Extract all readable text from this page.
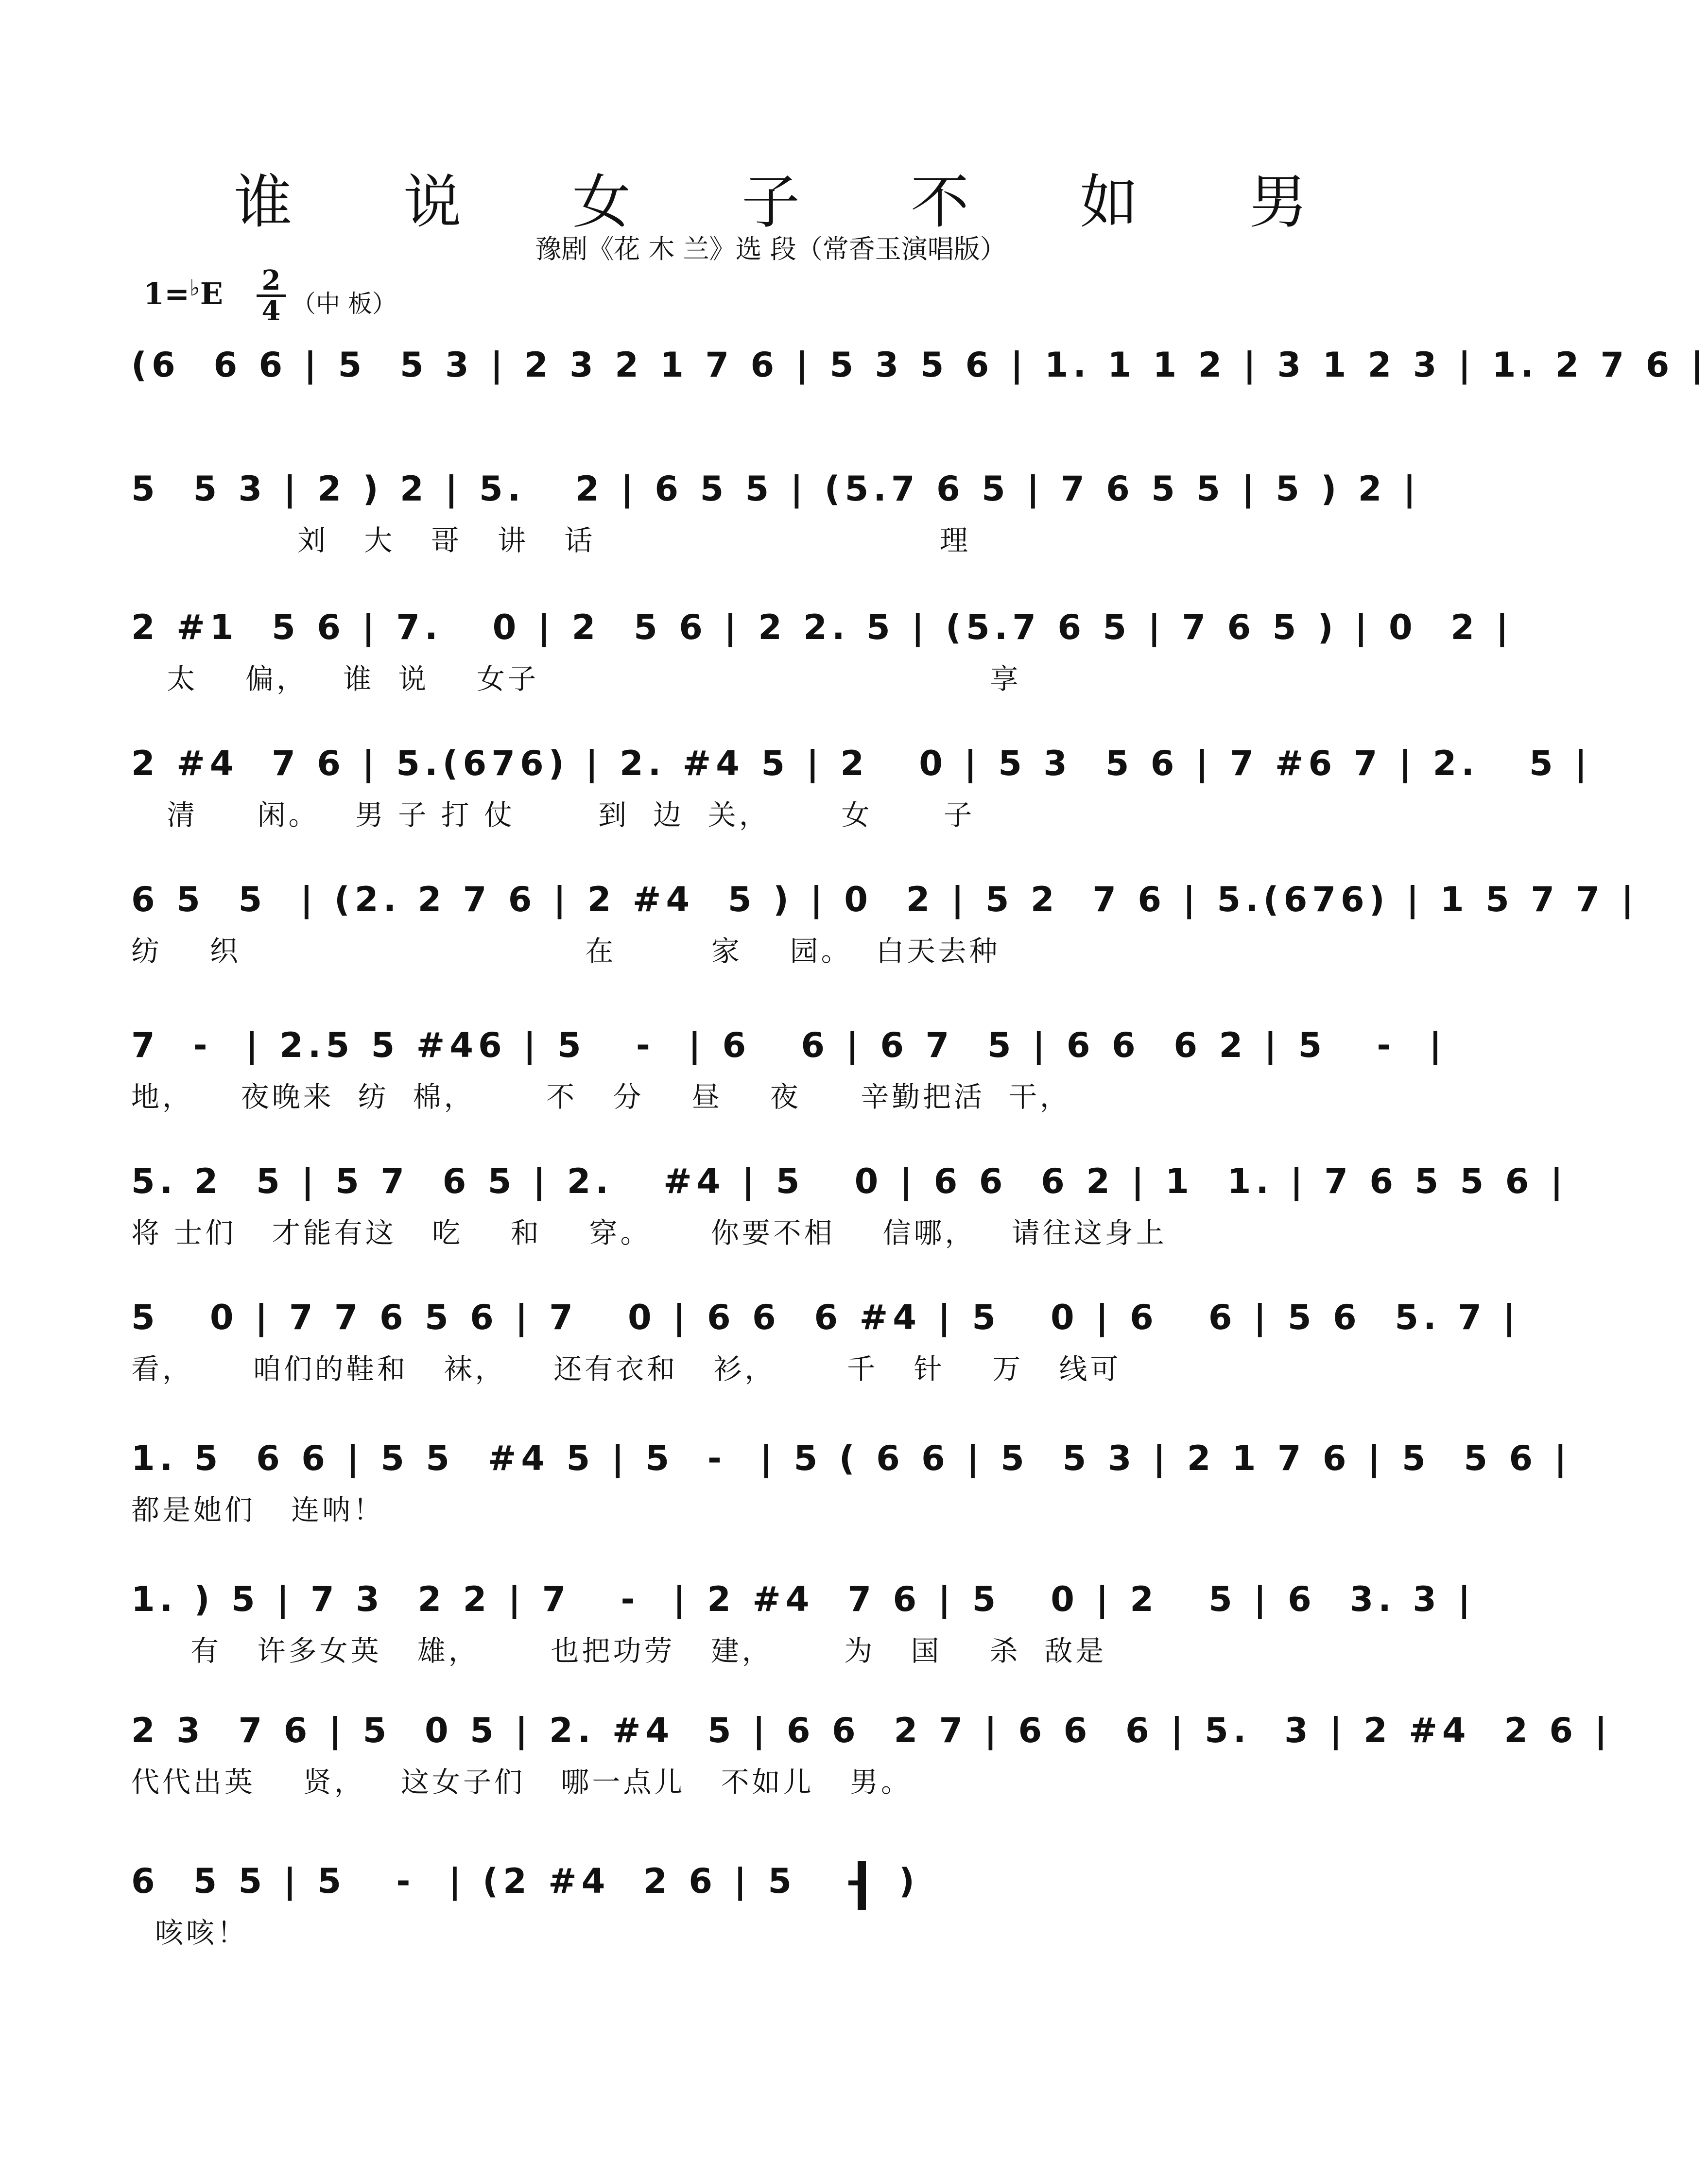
谁 说 女 子 不 如 男
豫剧《花 木 兰》选 段（常香玉演唱版）
$1=^♭E \frac{2}{4}$ （中 板）
(6  6 6 | 5  5 3 | 2 3 2 1 7 6 | 5 3 5 6 | 1. 1 1 2 | 3 1 2 3 | 1. 2 7 6 |
5  5 3 | 2 ) 2 | 5.   2 | 6 5 5 | (5.7 6 5 | 7 6 5 5 | 5 ) 2 |
刘   大   哥   讲   话                             理
2 #1  5 6 | 7.   0 | 2  5 6 | 2 2. 5 | (5.7 6 5 | 7 6 5 ) | 0  2 |
太    偏，   谁  说    女子                                      享
2 #4  7 6 | 5.(676) | 2. #4 5 | 2   0 | 5 3  5 6 | 7 #6 7 | 2.   5 |
清     闲。   男 子 打 仗       到  边  关，      女      子
6 5  5  | (2. 2 7 6 | 2 #4  5 ) | 0  2 | 5 2  7 6 | 5.(676) | 1 5 7 7 |
纺    织                             在        家    园。  白天去种
7  -  | 2.5 5 #46 | 5   -  | 6   6 | 6 7  5 | 6 6  6 2 | 5   -  |
地，    夜晚来  纺  棉，      不   分    昼    夜     辛勤把活  干，
5. 2  5 | 5 7  6 5 | 2.   #4 | 5   0 | 6 6  6 2 | 1  1. | 7 6 5 5 6 |
将 士们   才能有这   吃    和    穿。     你要不相    信哪，   请往这身上
5   0 | 7 7 6 5 6 | 7   0 | 6 6  6 #4 | 5   0 | 6   6 | 5 6  5. 7 |
看，     咱们的鞋和   袜，    还有衣和   衫，      千   针    万   线可
1. 5  6 6 | 5 5  #4 5 | 5  -  | 5 ( 6 6 | 5  5 3 | 2 1 7 6 | 5  5 6 |
都是她们   连呐！
1. ) 5 | 7 3  2 2 | 7   -  | 2 #4  7 6 | 5   0 | 2   5 | 6  3. 3 |
有   许多女英   雄，      也把功劳   建，      为   国    杀  敌是
2 3  7 6 | 5  0 5 | 2. #4  5 | 6 6  2 7 | 6 6  6 | 5.  3 | 2 #4  2 6 |
代代出英    贤，   这女子们   哪一点儿   不如儿   男。
6  5 5 | 5   -  | (2 #4  2 6 | 5   -  )
咳咳！
